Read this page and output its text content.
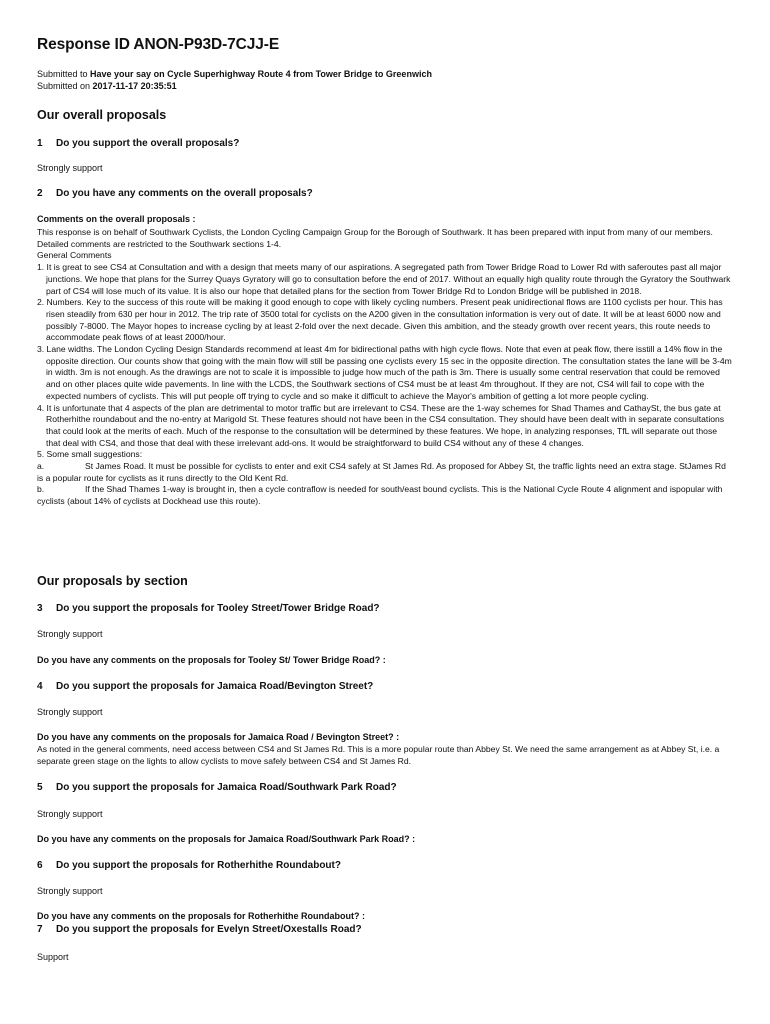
Response ID ANON-P93D-7CJJ-E
Submitted to Have your say on Cycle Superhighway Route 4 from Tower Bridge to Greenwich
Submitted on 2017-11-17 20:35:51
Our overall proposals
1 Do you support the overall proposals?
Strongly support
2 Do you have any comments on the overall proposals?
Comments on the overall proposals :

This response is on behalf of Southwark Cyclists, the London Cycling Campaign Group for the Borough of Southwark. It has been prepared with input from many of our members. Detailed comments are restricted to the Southwark sections 1-4.

General Comments

1. It is great to see CS4 at Consultation and with a design that meets many of our aspirations. A segregated path from Tower Bridge Road to Lower Rd with saferoutes past all major junctions. We hope that plans for the Surrey Quays Gyratory will go to consultation before the end of 2017. Without an equally high quality route through the Gyratory the Southwark part of CS4 will lose much of its value. It is also our hope that detailed plans for the section from Tower Bridge Rd to London Bridge will be published in 2018.

2. Numbers. Key to the success of this route will be making it good enough to cope with likely cycling numbers. Present peak unidirectional flows are 1100 cyclists per hour. This has risen steadily from 630 per hour in 2012. The trip rate of 3500 total for cyclists on the A200 given in the consultation information is very out of date. It will be at least 6000 now and possibly 7-8000. The Mayor hopes to increase cycling by at least 2-fold over the next decade. Given this ambition, and the steady growth over recent years, this route needs to accommodate peak flows of at least 2000/hour.

3. Lane widths. The London Cycling Design Standards recommend at least 4m for bidirectional paths with high cycle flows. Note that even at peak flow, there isstill a 14% flow in the opposite direction. Our counts show that going with the main flow will still be passing one cyclists every 15 sec in the opposite direction. The consultation states the lane will be 3-4m in width. 3m is not enough. As the drawings are not to scale it is impossible to judge how much of the path is 3m. There is usually some central reservation that could be removed and on other places quite wide pavements. In line with the LCDS, the Southwark sections of CS4 must be at least 4m throughout. If they are not, CS4 will fail to cope with the expected numbers of cyclists. This will put people off trying to cycle and so make it difficult to achieve the Mayor's ambition of getting a lot more people cycling.

4. It is unfortunate that 4 aspects of the plan are detrimental to motor traffic but are irrelevant to CS4. These are the 1-way schemes for Shad Thames and CathaySt, the bus gate at Rotherhithe roundabout and the no-entry at Marigold St. These features should not have been in the CS4 consultation. They should have been dealt with in separate consultations that could look at the merits of each. Much of the response to the consultation will be determined by these features. We hope, in analyzing responses, TfL will separate out those that deal with CS4, and those that deal with these irrelevant add-ons. It would be straightforward to build CS4 without any of these 4 changes.

5. Some small suggestions:

a.	St James Road. It must be possible for cyclists to enter and exit CS4 safely at St James Rd. As proposed for Abbey St, the traffic lights need an extra stage. StJames Rd is a popular route for cyclists as it runs directly to the Old Kent Rd.

b.	If the Shad Thames 1-way is brought in, then a cycle contraflow is needed for south/east bound cyclists. This is the National Cycle Route 4 alignment and ispopular with cyclists (about 14% of cyclists at Dockhead use this route).

Our proposals by section
3 Do you support the proposals for Tooley Street/Tower Bridge Road?
Strongly support
Do you have any comments on the proposals for Tooley St/ Tower Bridge Road? :
4 Do you support the proposals for Jamaica Road/Bevington Street?
Strongly support
Do you have any comments on the proposals for Jamaica Road / Bevington Street? :
As noted in the general comments, need access between CS4 and St James Rd. This is a more popular route than Abbey St. We need the same arrangement as at Abbey St, i.e. a separate green stage on the lights to allow cyclists to move safely between CS4 and St James Rd.
5 Do you support the proposals for Jamaica Road/Southwark Park Road?
Strongly support
Do you have any comments on the proposals for Jamaica Road/Southwark Park Road? :
6 Do you support the proposals for Rotherhithe Roundabout?
Strongly support
Do you have any comments on the proposals for Rotherhithe Roundabout? :
7 Do you support the proposals for Evelyn Street/Oxestalls Road?
Support
